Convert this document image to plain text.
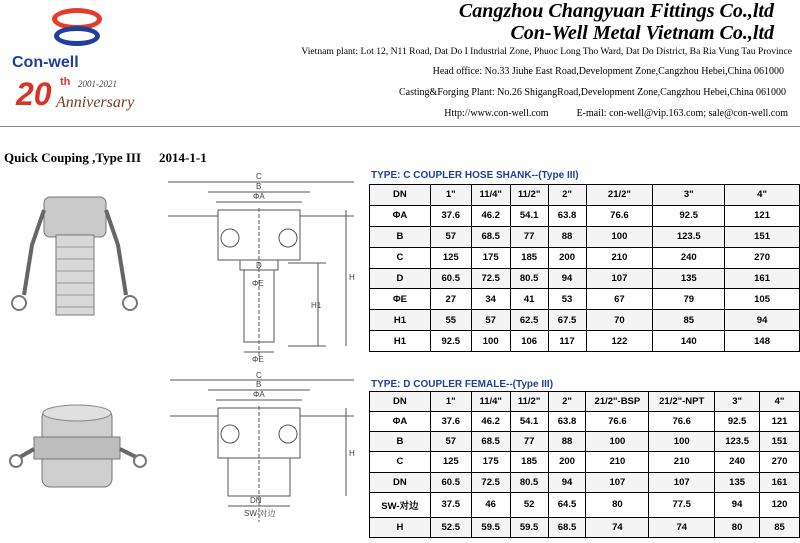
Con-well
20 th 2001-2021
Anniversary
Cangzhou Changyuan Fittings Co.,ltd
Con-Well Metal Vietnam Co.,ltd
Vietnam plant: Lot 12, N11 Road, Dat Do I Industrial Zone, Phuoc Long Tho Ward, Dat Do District, Ba Ria Vung Tau Province
Head office: No.33 Jiuhe East Road,Development Zone,Cangzhou Hebei,China 061000
Casting&Forging Plant: No.26 ShigangRoad,Development Zone,Cangzhou Hebei,China 061000
Http://www.con-well.com	E-mail: con-well@vip.163.com; sale@con-well.com
Quick Couping ,Type III 2014-1-1
C
B
ΦA
D
ΦE
H1
H
ΦE
C
B
ΦA
DN
SW-对边
H
TYPE: C COUPLER HOSE SHANK--(Type III)
DN	1"	11/4"	11/2"	2"	21/2"	3"	4"
ΦA	37.6	46.2	54.1	63.8	76.6	92.5	121
B	57	68.5	77	88	100	123.5	151
C	125	175	185	200	210	240	270
D	60.5	72.5	80.5	94	107	135	161
ΦE	27	34	41	53	67	79	105
H1	55	57	62.5	67.5	70	85	94
H1	92.5	100	106	117	122	140	148
TYPE: D COUPLER FEMALE--(Type III)
DN	1"	11/4"	11/2"	2"	21/2"-BSP	21/2"-NPT	3"	4"
ΦA	37.6	46.2	54.1	63.8	76.6	76.6	92.5	121
B	57	68.5	77	88	100	100	123.5	151
C	125	175	185	200	210	210	240	270
DN	60.5	72.5	80.5	94	107	107	135	161
SW-对边	37.5	46	52	64.5	80	77.5	94	120
H	52.5	59.5	59.5	68.5	74	74	80	85
